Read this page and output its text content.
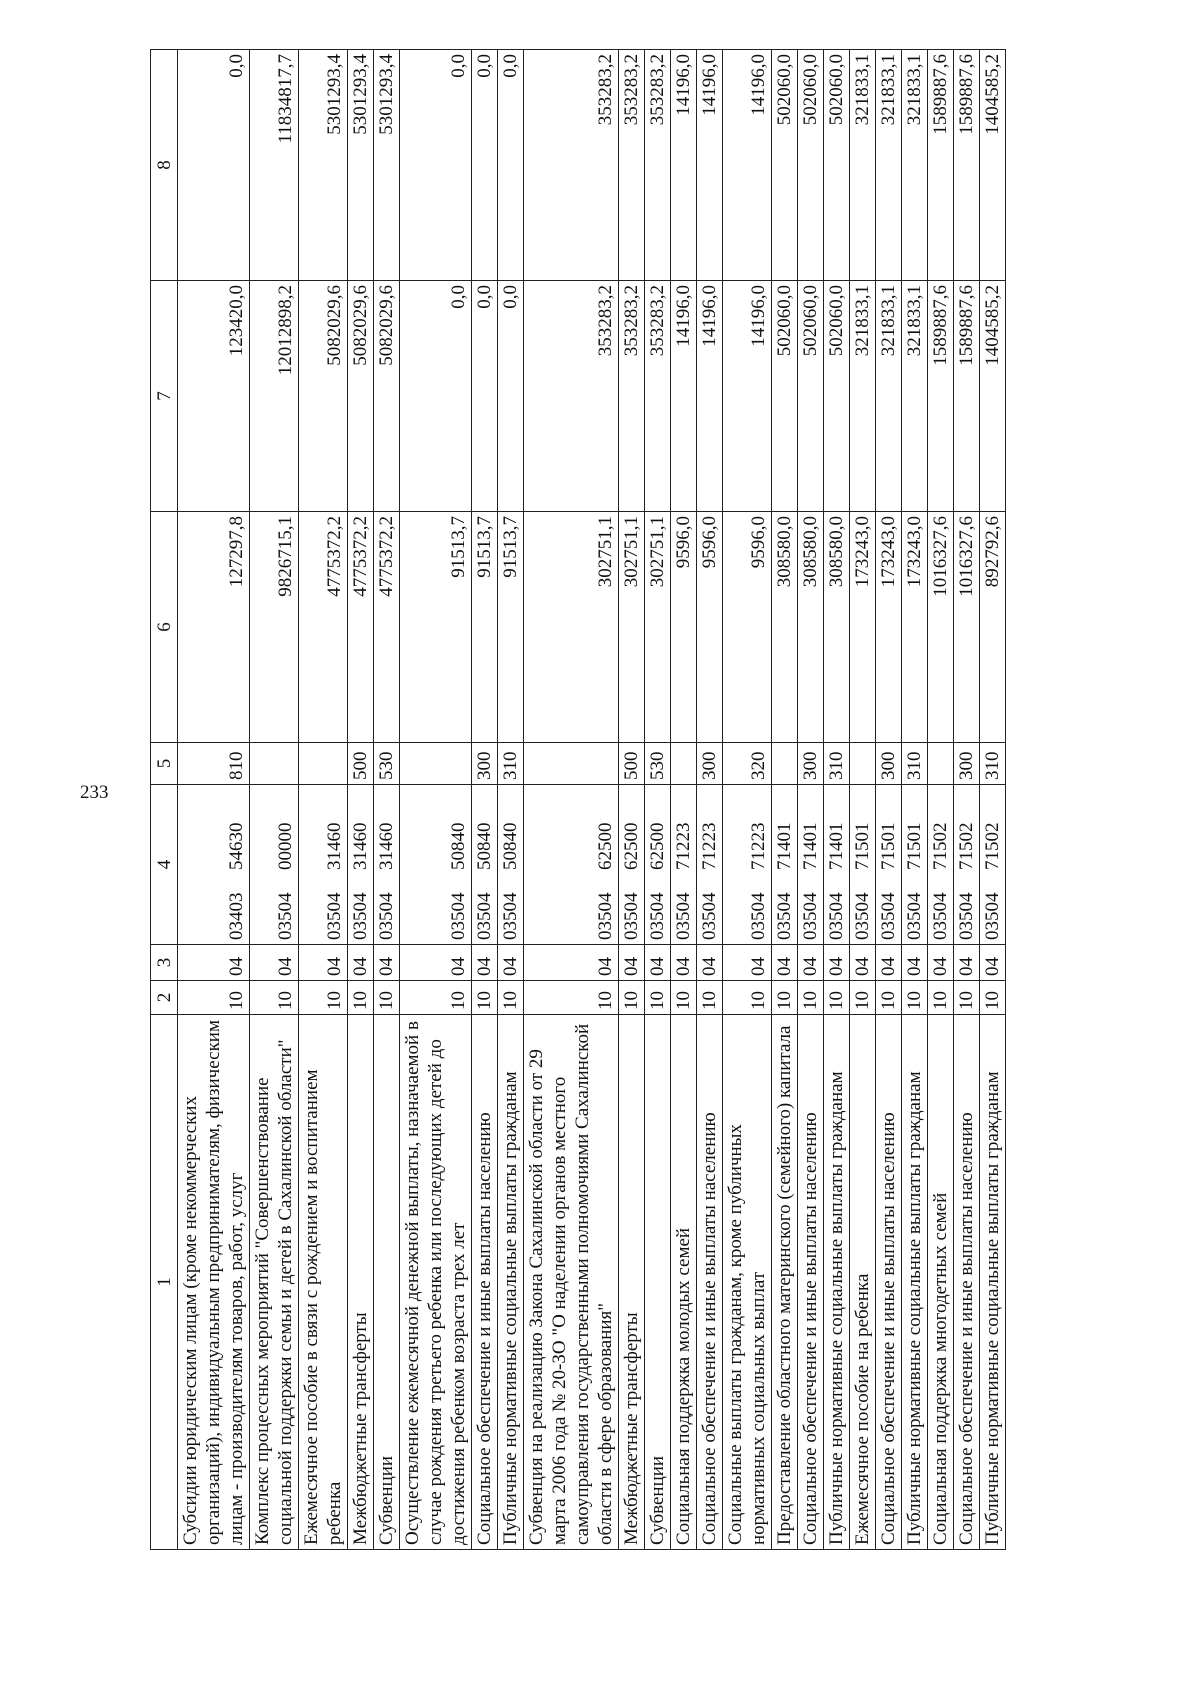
233
1	2	3	4	5	6	7	8
Субсидии юридическим лицам (кроме некоммерческих организаций), индивидуальным предпринимателям, физическим лицам - производителям товаров, работ, услуг	10	04	0340354630	810	127297,8	123420,0	0,0
Комплекс процессных мероприятий "Совершенствование социальной поддержки семьи и детей в Сахалинской области"	10	04	0350400000		9826715,1	12012898,2	11834817,7
Ежемесячное пособие в связи с рождением и воспитанием ребенка	10	04	0350431460		4775372,2	5082029,6	5301293,4
Межбюджетные трансферты	10	04	0350431460	500	4775372,2	5082029,6	5301293,4
Субвенции	10	04	0350431460	530	4775372,2	5082029,6	5301293,4
Осуществление ежемесячной денежной выплаты, назначаемой в случае рождения третьего ребенка или последующих детей до достижения ребенком возраста трех лет	10	04	0350450840		91513,7	0,0	0,0
Социальное обеспечение и иные выплаты населению	10	04	0350450840	300	91513,7	0,0	0,0
Публичные нормативные социальные выплаты гражданам	10	04	0350450840	310	91513,7	0,0	0,0
Субвенция на реализацию Закона Сахалинской области от 29 марта 2006 года № 20-ЗО "О наделении органов местного самоуправления государственными полномочиями Сахалинской области в сфере образования"	10	04	0350462500		302751,1	353283,2	353283,2
Межбюджетные трансферты	10	04	0350462500	500	302751,1	353283,2	353283,2
Субвенции	10	04	0350462500	530	302751,1	353283,2	353283,2
Социальная поддержка молодых семей	10	04	0350471223		9596,0	14196,0	14196,0
Социальное обеспечение и иные выплаты населению	10	04	0350471223	300	9596,0	14196,0	14196,0
Социальные выплаты гражданам, кроме публичных нормативных социальных выплат	10	04	0350471223	320	9596,0	14196,0	14196,0
Предоставление областного материнского (семейного) капитала	10	04	0350471401		308580,0	502060,0	502060,0
Социальное обеспечение и иные выплаты населению	10	04	0350471401	300	308580,0	502060,0	502060,0
Публичные нормативные социальные выплаты гражданам	10	04	0350471401	310	308580,0	502060,0	502060,0
Ежемесячное пособие на ребенка	10	04	0350471501		173243,0	321833,1	321833,1
Социальное обеспечение и иные выплаты населению	10	04	0350471501	300	173243,0	321833,1	321833,1
Публичные нормативные социальные выплаты гражданам	10	04	0350471501	310	173243,0	321833,1	321833,1
Социальная поддержка многодетных семей	10	04	0350471502		1016327,6	1589887,6	1589887,6
Социальное обеспечение и иные выплаты населению	10	04	0350471502	300	1016327,6	1589887,6	1589887,6
Публичные нормативные социальные выплаты гражданам	10	04	0350471502	310	892792,6	1404585,2	1404585,2
